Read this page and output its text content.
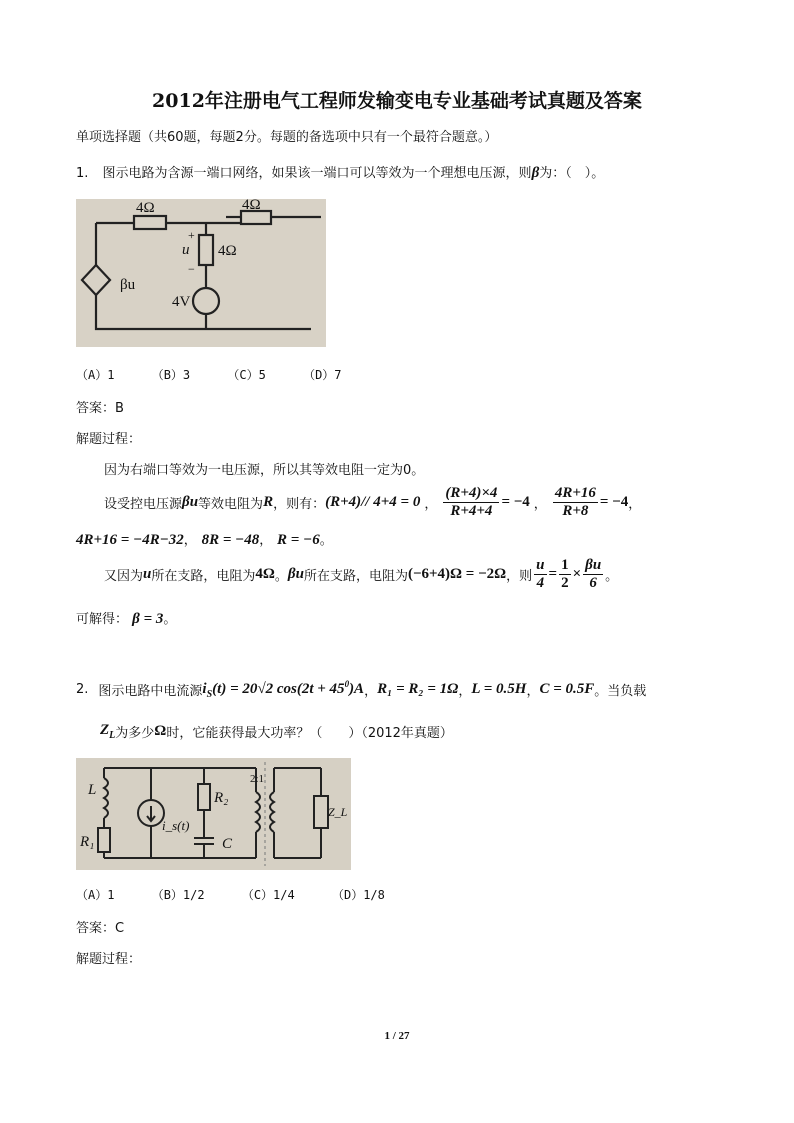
2012年注册电气工程师发输变电专业基础考试真题及答案
单项选择题（共60题，每题2分。每题的备选项中只有一个最符合题意。）
1. 图示电路为含源一端口网络，如果该一端口可以等效为一个理想电压源，则β为：（　）。
4Ω	4Ω
4Ω
u
βu
4V
+
−
（A）1	（B）3	（C）5	（D）7
答案：B
解题过程：
因为右端口等效为一电压源，所以其等效电阻一定为0。
设受控电压源 βu 等效电阻为 R ，则有： (R+4)// 4+4 = 0 ， $\frac{(R+4)\times 4}{R+4+4} = -4$ ， $\frac{4R+16}{R+8} = -4$ ，
4R+16 = −4R−32， 8R = −48， R = −6。
又因为 u 所在支路，电阻为 4Ω 。 βu 所在支路，电阻为 (−6+4)Ω = −2Ω ，则 $\frac{u}{4} = \frac{1}{2} \times \frac{\beta u}{6}$ 。
可解得： β = 3。
2. 图示电路中电流源 $i_S(t) = 20√2$ $\cos(2t + 45^0)A$ ， R₁ = R₂ = 1Ω ， L = 0.5H ， C = 0.5F 。当负载
$Z_L$ 为多少 Ω 时，它能获得最大功率？（　　）（2012年真题）
L
R₁
R₂
C
i_s(t)
2:1
Z_L
（A）1	（B）1/2	（C）1/4	（D）1/8
答案：C
解题过程：
1 / 27
